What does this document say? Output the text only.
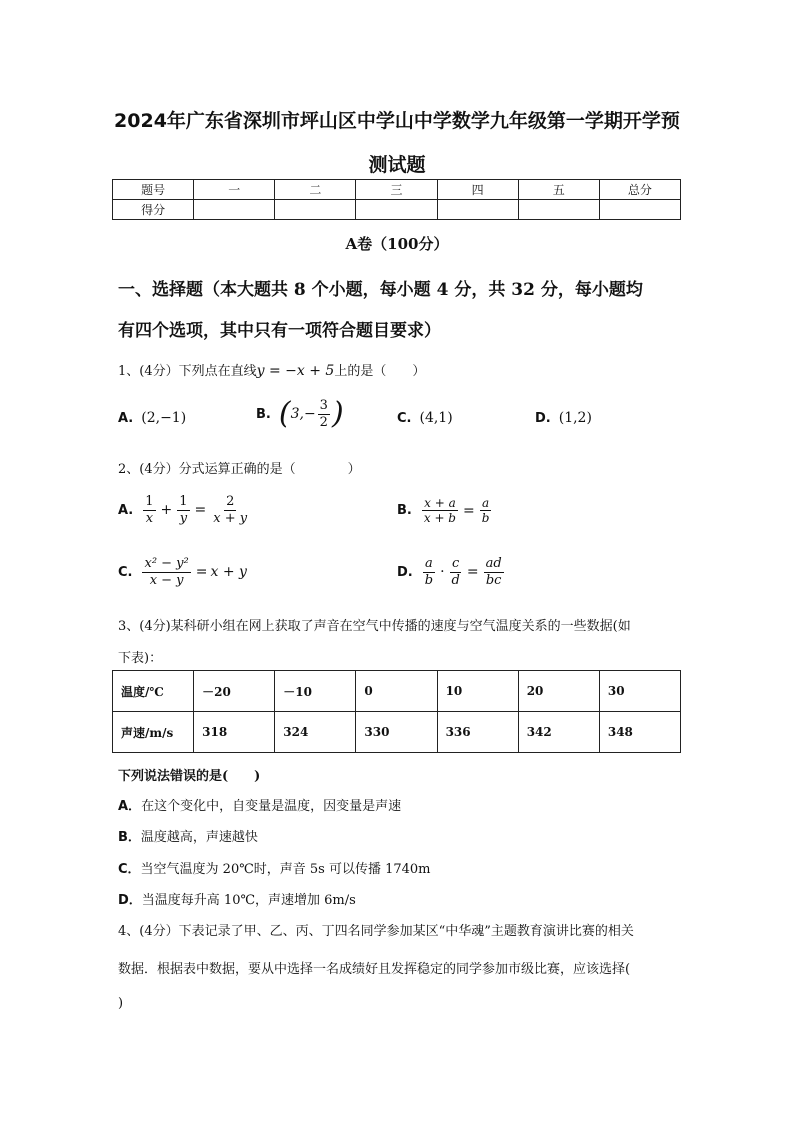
2024年广东省深圳市坪山区中学山中学数学九年级第一学期开学预
测试题
题号	一	二	三	四	五	总分
得分						
A卷（100分）
一、选择题（本大题共 8 个小题，每小题 4 分，共 32 分，每小题均
有四个选项，其中只有一项符合题目要求）
1、(4分）下列点在直线y = −x + 5上的是（　　）
A. (2,−1)	B. ( 3, − $\frac{3}{2}$ )	C. (4,1)	D. (1,2)
2、(4分）分式运算正确的是（　　　　）
A. $\frac{1}{x} + \frac{1}{y} = \frac{2}{x + y}$	B. $\frac{x + a}{x + b} = \frac{a}{b}$
C. $\frac{\text{x² − y²}}{x - y} = x + y$	D. $\frac{a}{b} \cdot \frac{c}{d} = \frac{ad}{bc}$
3、(4分)某科研小组在网上获取了声音在空气中传播的速度与空气温度关系的一些数据(如
下表)：
温度/℃	－20	－10	0	10	20	30
声速/m/s	318	324	330	336	342	348
下列说法错误的是(　　)
A．在这个变化中，自变量是温度，因变量是声速
B．温度越高，声速越快
C．当空气温度为 20℃时，声音 5s 可以传播 1740m
D．当温度每升高 10℃，声速增加 6m/s
4、(4分）下表记录了甲、乙、丙、丁四名同学参加某区“中华魂”主题教育演讲比赛的相关
数据．根据表中数据，要从中选择一名成绩好且发挥稳定的同学参加市级比赛，应该选择(
)
